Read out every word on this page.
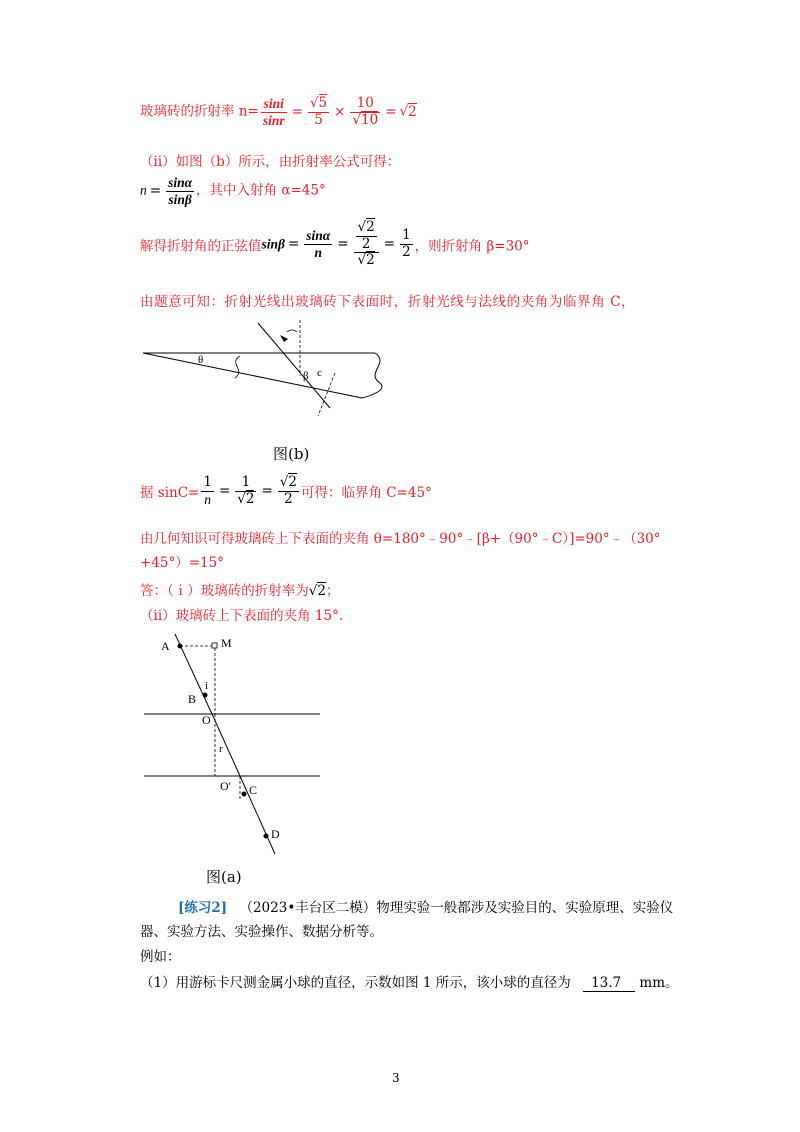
玻璃砖的折射率 $n= \frac{\sin i}{\sin r} = \frac{√5}{5} \times \frac{10}{√10} = √2$
（ii）如图（b）所示，由折射率公式可得：
$n = \frac{\sin\alpha}{\sin\beta}$ ，其中入射角 α=45°
解得折射角的正弦值$\sin\beta = \frac{\sin\alpha}{n} = \frac{\frac{√2}{2}}{√2} = \frac{1}{2}$ ，则折射角 β=30°
由题意可知：折射光线出玻璃砖下表面时，折射光线与法线的夹角为临界角 C，
θ
β c
图(b)
据 $\sin C= \frac{1}{n} = \frac{1}{√2} = \frac{√2}{2}$ 可得：临界角 C=45°
由几何知识可得玻璃砖上下表面的夹角 θ=180°﹣90°﹣[β+（90°﹣C）]=90°﹣（30°
+45°）=15°
答：（ｉ）玻璃砖的折射率为√2；
（ii）玻璃砖上下表面的夹角 15°.
A	M
B
i
O
r
O' C
D
图(a)
[练习2] （2023•丰台区二模）物理实验一般都涉及实验目的、实验原理、实验仪
器、实验方法、实验操作、数据分析等。
例如：
（1）用游标卡尺测金属小球的直径，示数如图 1 所示，该小球的直径为 13.7 mm。
3
